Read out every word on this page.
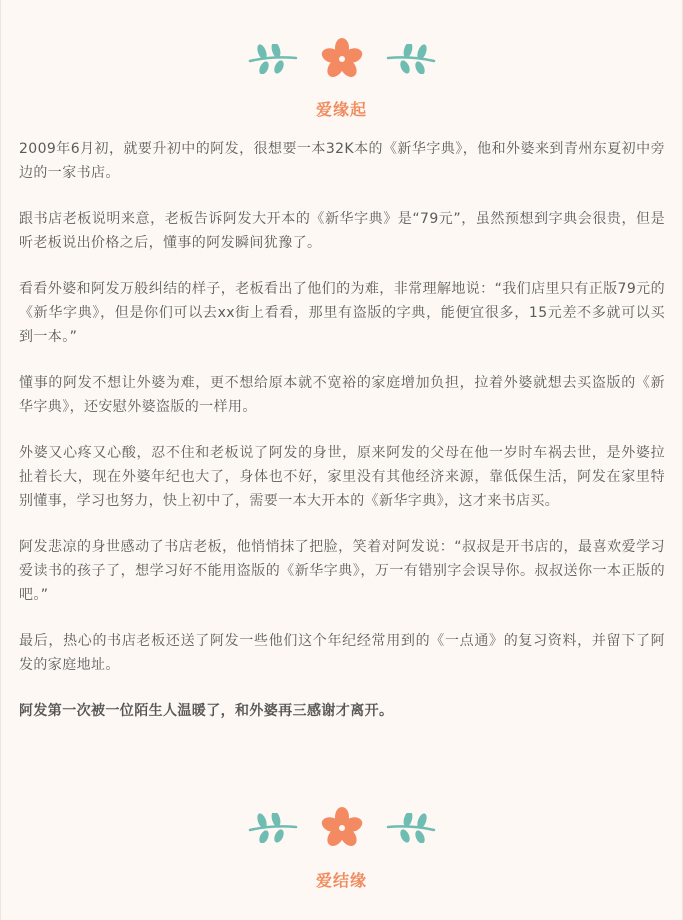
爱缘起

2009年6月初，就要升初中的阿发，很想要一本32K本的《新华字典》，他和外婆来到青州东夏初中旁边的一家书店。

跟书店老板说明来意，老板告诉阿发大开本的《新华字典》是“79元”，虽然预想到字典会很贵，但是听老板说出价格之后，懂事的阿发瞬间犹豫了。

看看外婆和阿发万般纠结的样子，老板看出了他们的为难，非常理解地说：“我们店里只有正版79元的《新华字典》，但是你们可以去xx街上看看，那里有盗版的字典，能便宜很多，15元差不多就可以买到一本。”

懂事的阿发不想让外婆为难，更不想给原本就不宽裕的家庭增加负担，拉着外婆就想去买盗版的《新华字典》，还安慰外婆盗版的一样用。

外婆又心疼又心酸，忍不住和老板说了阿发的身世，原来阿发的父母在他一岁时车祸去世，是外婆拉扯着长大，现在外婆年纪也大了，身体也不好，家里没有其他经济来源，靠低保生活，阿发在家里特别懂事，学习也努力，快上初中了，需要一本大开本的《新华字典》，这才来书店买。

阿发悲凉的身世感动了书店老板，他悄悄抹了把脸，笑着对阿发说：“叔叔是开书店的，最喜欢爱学习爱读书的孩子了，想学习好不能用盗版的《新华字典》，万一有错别字会误导你。叔叔送你一本正版的吧。”

最后，热心的书店老板还送了阿发一些他们这个年纪经常用到的《一点通》的复习资料，并留下了阿发的家庭地址。

阿发第一次被一位陌生人温暖了，和外婆再三感谢才离开。

爱结缘
